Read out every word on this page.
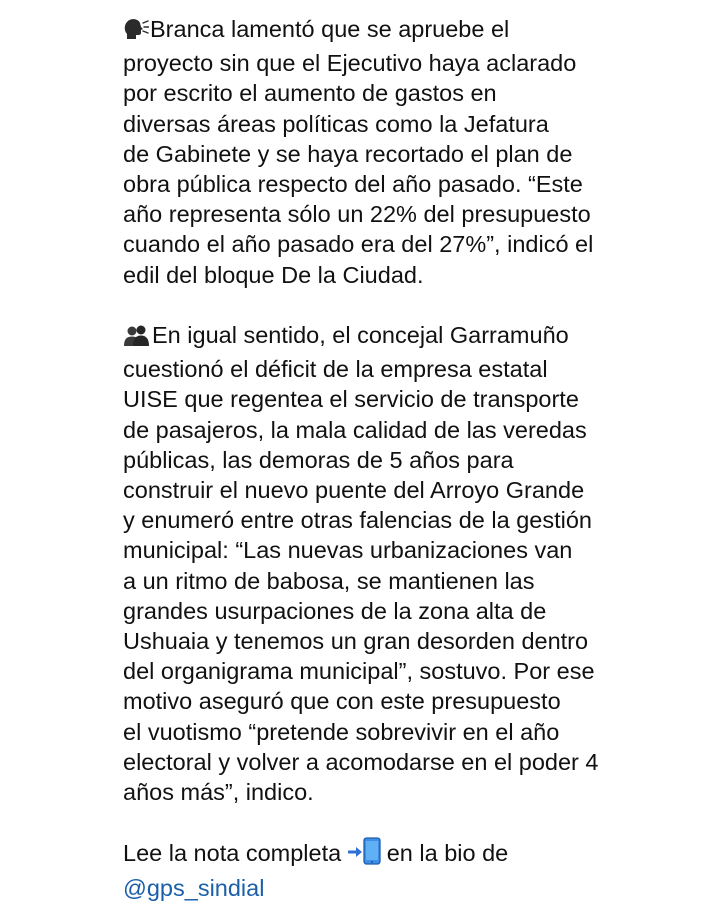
Branca lamentó que se apruebe el
proyecto sin que el Ejecutivo haya aclarado
por escrito el aumento de gastos en
diversas áreas políticas como la Jefatura
de Gabinete y se haya recortado el plan de
obra pública respecto del año pasado. “Este
año representa sólo un 22% del presupuesto
cuando el año pasado era del 27%”, indicó el
edil del bloque De la Ciudad.

En igual sentido, el concejal Garramuño
cuestionó el déficit de la empresa estatal
UISE que regentea el servicio de transporte
de pasajeros, la mala calidad de las veredas
públicas, las demoras de 5 años para
construir el nuevo puente del Arroyo Grande
y enumeró entre otras falencias de la gestión
municipal: “Las nuevas urbanizaciones van
a un ritmo de babosa, se mantienen las
grandes usurpaciones de la zona alta de
Ushuaia y tenemos un gran desorden dentro
del organigrama municipal”, sostuvo. Por ese
motivo aseguró que con este presupuesto
el vuotismo “pretende sobrevivir en el año
electoral y volver a acomodarse en el poder 4
años más”, indico.

Lee la nota completa en la bio de
@gps_sindial
